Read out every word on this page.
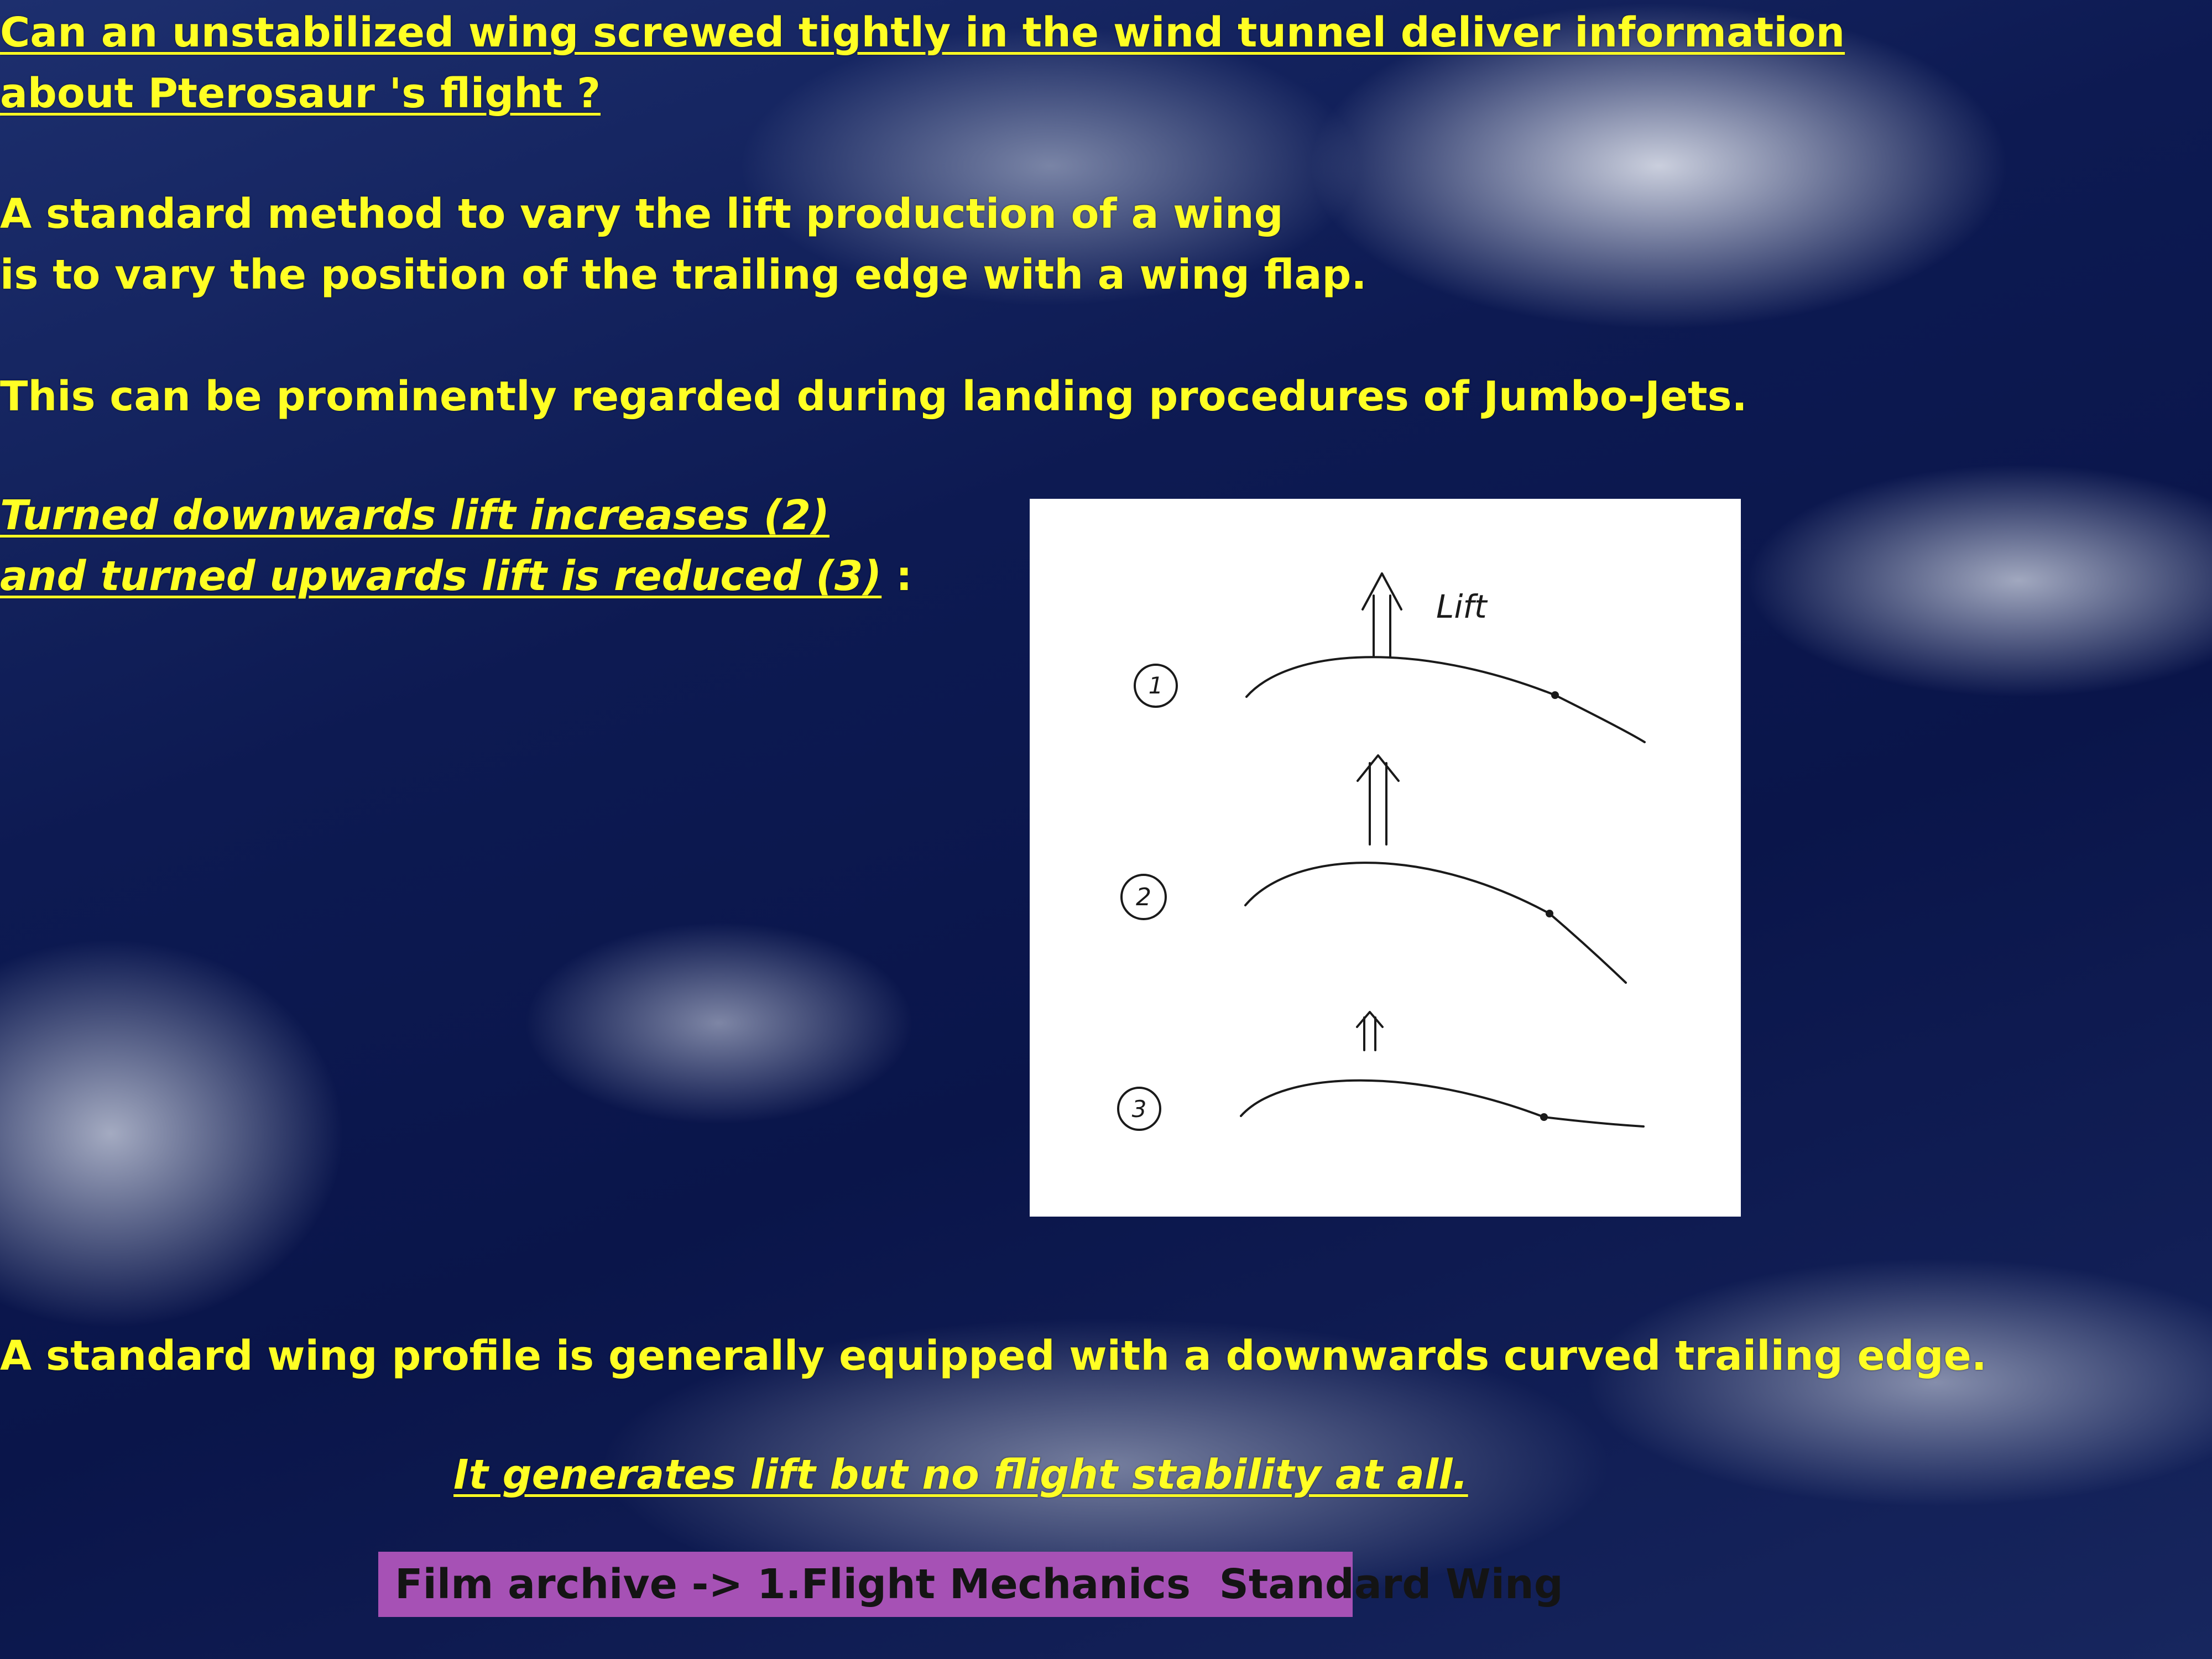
Can an unstabilized wing screwed tightly in the wind tunnel deliver information

about Pterosaur 's flight ?

A standard method to vary the lift production of a wing

is to vary the position of the trailing edge with a wing flap.

This can be prominently regarded during landing procedures of Jumbo-Jets.

Turned downwards lift increases (2)

and turned upwards lift is reduced (3) :

1
2
3
Lift

A standard wing profile is generally equipped with a downwards curved trailing edge.

It generates lift but no flight stability at all.

Film archive -> 1.Flight Mechanics  Standard Wing
